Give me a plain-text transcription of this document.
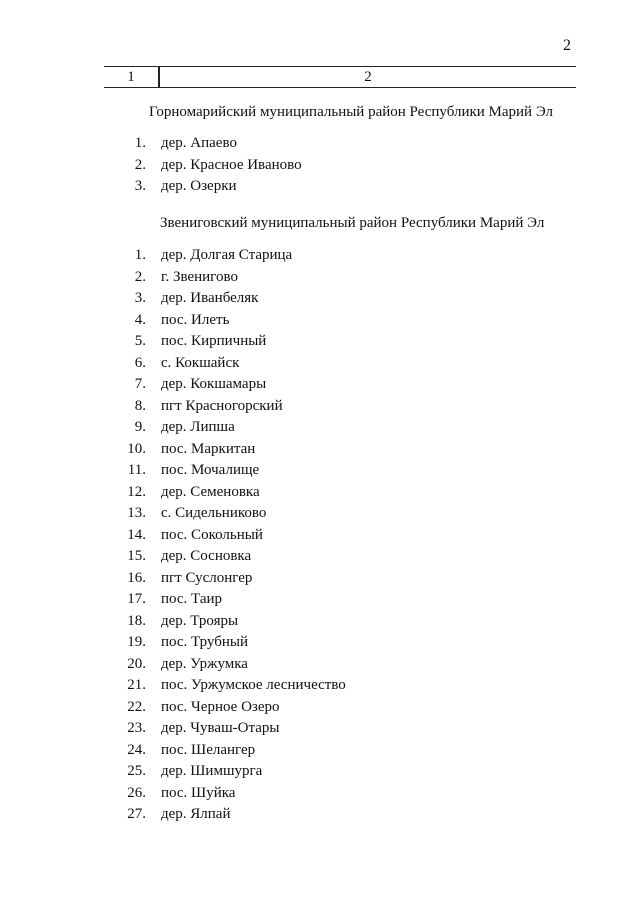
2
1	2
Горномарийский муниципальный район Республики Марий Эл
1. дер. Апаево
2. дер. Красное Иваново
3. дер. Озерки
Звениговский муниципальный район Республики Марий Эл
1. дер. Долгая Старица
2. г. Звенигово
3. дер. Иванбеляк
4. пос. Илеть
5. пос. Кирпичный
6. с. Кокшайск
7. дер. Кокшамары
8. пгт Красногорский
9. дер. Липша
10. пос. Маркитан
11. пос. Мочалище
12. дер. Семеновка
13. с. Сидельниково
14. пос. Сокольный
15. дер. Сосновка
16. пгт Суслонгер
17. пос. Таир
18. дер. Трояры
19. пос. Трубный
20. дер. Уржумка
21. пос. Уржумское лесничество
22. пос. Черное Озеро
23. дер. Чуваш-Отары
24. пос. Шелангер
25. дер. Шимшурга
26. пос. Шуйка
27. дер. Ялпай
